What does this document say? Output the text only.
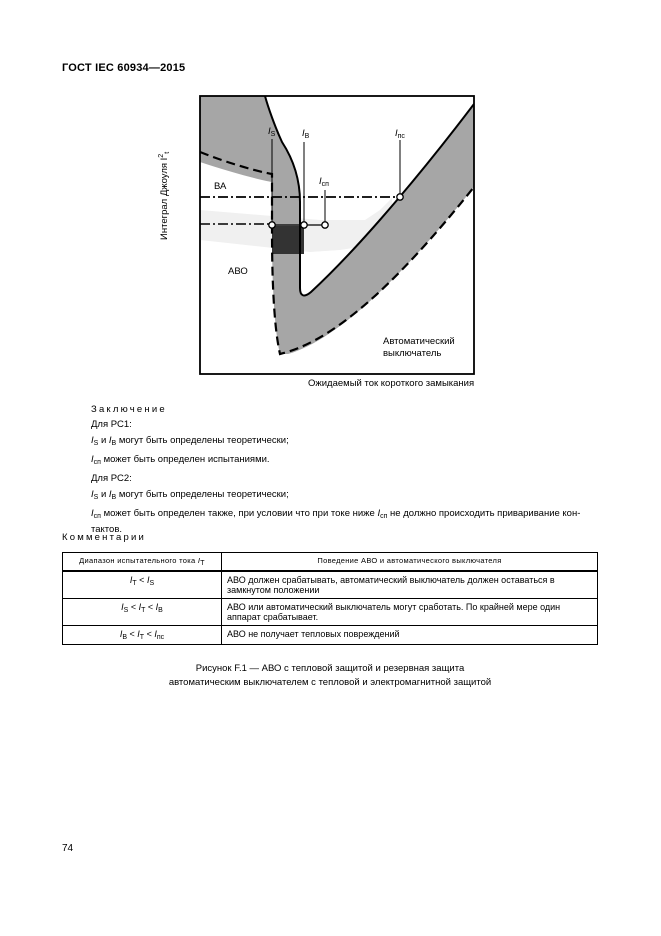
ГОСТ IEC 60934—2015
Интеграл Джоуля $I^2_t$
$I_S$	$I_B$	$I_{пс}$
$I_{сп}$
ВА
АВО
Автоматический
выключатель
Ожидаемый ток короткого замыкания
Заключение
Для РС1:
$I_S$ и $I_B$ могут быть определены теоретически;
$I_{сп}$ может быть определен испытаниями.
Для РС2:
$I_S$ и $I_B$ могут быть определены теоретически;
$I_{сп}$ может быть определен также, при условии что при токе ниже $I_{сп}$ не должно происходить приваривание кон-тактов.
Комментарии
Диапазон испытательного тока IT	Поведение АВО и автоматического выключателя
$I_T < I_S$	АВО должен срабатывать, автоматический выключатель должен оставаться в замкнутом положении
$I_S < I_T < I_B$	АВО или автоматический выключатель могут сработать. По крайней мере один аппарат срабатывает.
$I_B < I_T < I_{пс}$	АВО не получает тепловых повреждений
Рисунок F.1 — АВО с тепловой защитой и резервная защита
автоматическим выключателем с тепловой и электромагнитной защитой
74
